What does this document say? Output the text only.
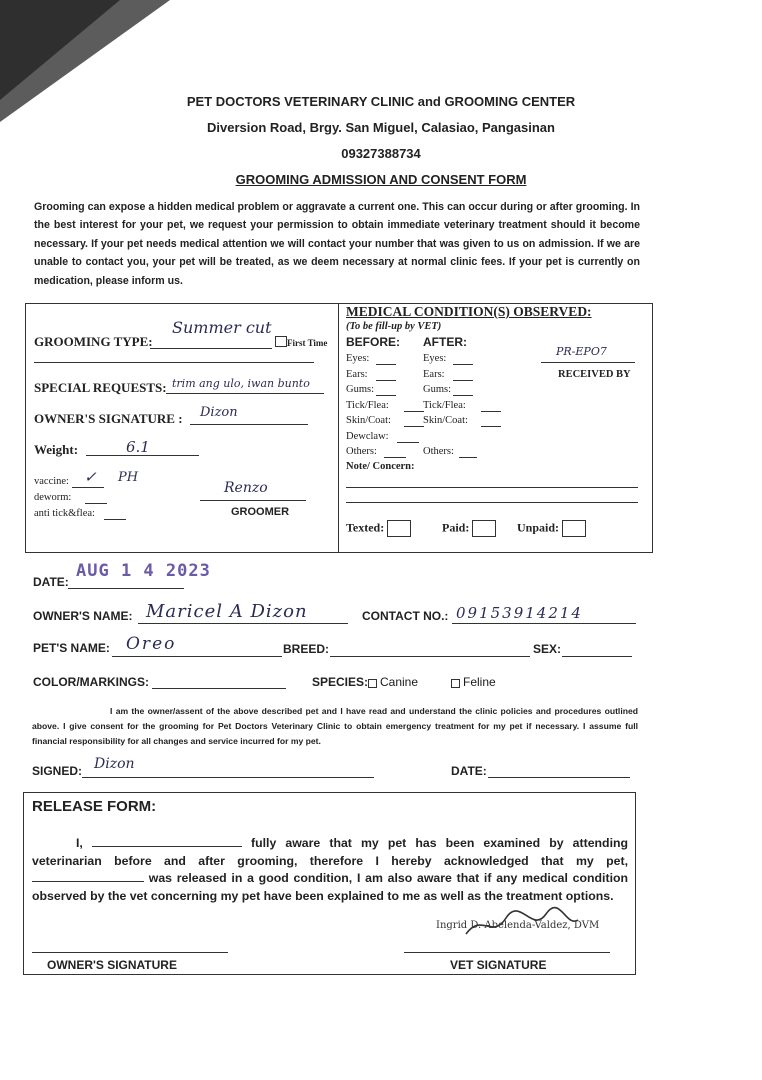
PET DOCTORS VETERINARY CLINIC and GROOMING CENTER
Diversion Road, Brgy. San Miguel, Calasiao, Pangasinan
09327388734
GROOMING ADMISSION AND CONSENT FORM
Grooming can expose a hidden medical problem or aggravate a current one. This can occur during or after grooming. In the best interest for your pet, we request your permission to obtain immediate veterinary treatment should it become necessary. If your pet needs medical attention we will contact your number that was given to us on admission. If we are unable to contact you, your pet will be treated, as we deem necessary at normal clinic fees. If your pet is currently on medication, please inform us.
GROOMING TYPE:
Summer cut
First Time
SPECIAL REQUESTS: trim ang ulo, iwan bunto
OWNER'S SIGNATURE : Dizon
Weight:	6.1
vaccine: ✓ PH
deworm:
anti tick&flea:
Renzo
GROOMER
MEDICAL CONDITION(S) OBSERVED:
(To be fill-up by VET)
BEFORE: AFTER:
Eyes:	Eyes:
Ears:	Ears:
Gums:	Gums:
Tick/Flea:	Tick/Flea:
Skin/Coat:	Skin/Coat:
Dewclaw:
Others:	Others:
Note/ Concern:
PR-EPO7
RECEIVED BY
Texted:	Paid:	Unpaid:
DATE:
AUG 1 4 2023
OWNER'S NAME: Maricel A Dizon	CONTACT NO.: 09153914214
PET'S NAME: Oreo	BREED:	SEX:
COLOR/MARKINGS:	SPECIES: Canine	Feline
I am the owner/assent of the above described pet and I have read and understand the clinic policies and procedures outlined above. I give consent for the grooming for Pet Doctors Veterinary Clinic to obtain emergency treatment for my pet if necessary. I assume full financial responsibility for all changes and service incurred for my pet.
SIGNED: Dizon	DATE:
RELEASE FORM:
I,	fully aware that my pet has been examined by attending veterinarian before and after grooming, therefore I hereby acknowledged that my pet,  was released in a good condition, I am also aware that if any medical condition observed by the vet concerning my pet have been explained to me as well as the treatment options.
Ingrid D. Abelenda-Valdez, DVM
OWNER'S SIGNATURE	VET SIGNATURE
